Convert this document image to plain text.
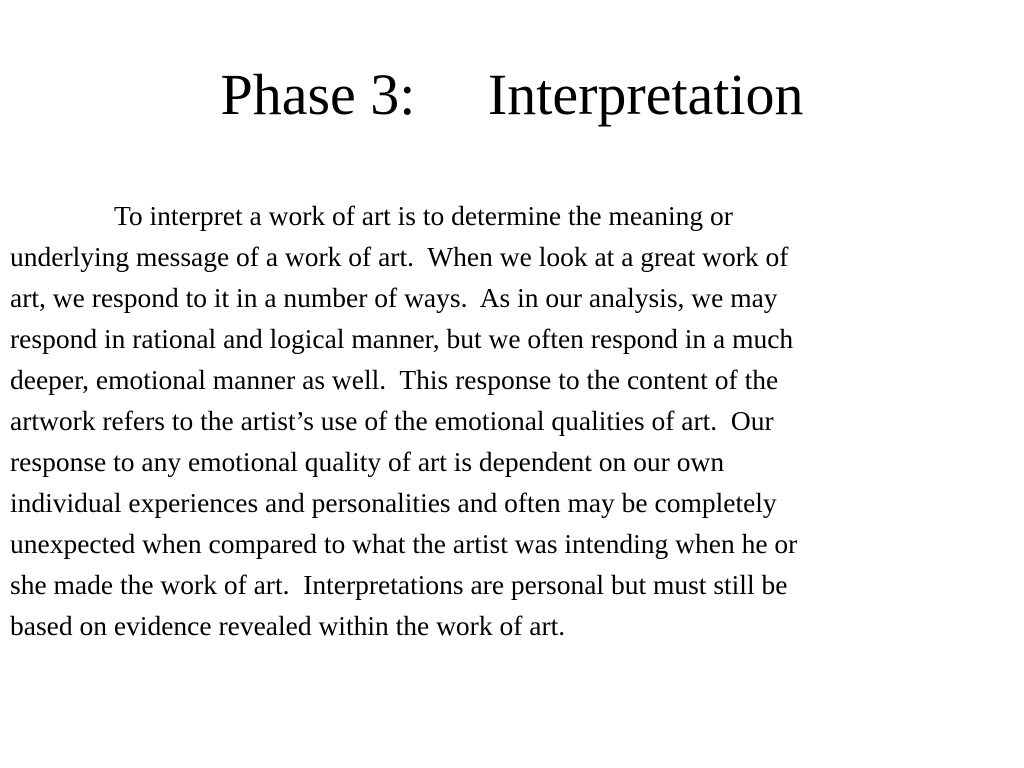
Phase 3:     Interpretation
To interpret a work of art is to determine the meaning or
underlying message of a work of art.  When we look at a great work of
art, we respond to it in a number of ways.  As in our analysis, we may
respond in rational and logical manner, but we often respond in a much
deeper, emotional manner as well.  This response to the content of the
artwork refers to the artist’s use of the emotional qualities of art.  Our
response to any emotional quality of art is dependent on our own
individual experiences and personalities and often may be completely
unexpected when compared to what the artist was intending when he or
she made the work of art.  Interpretations are personal but must still be
based on evidence revealed within the work of art.
